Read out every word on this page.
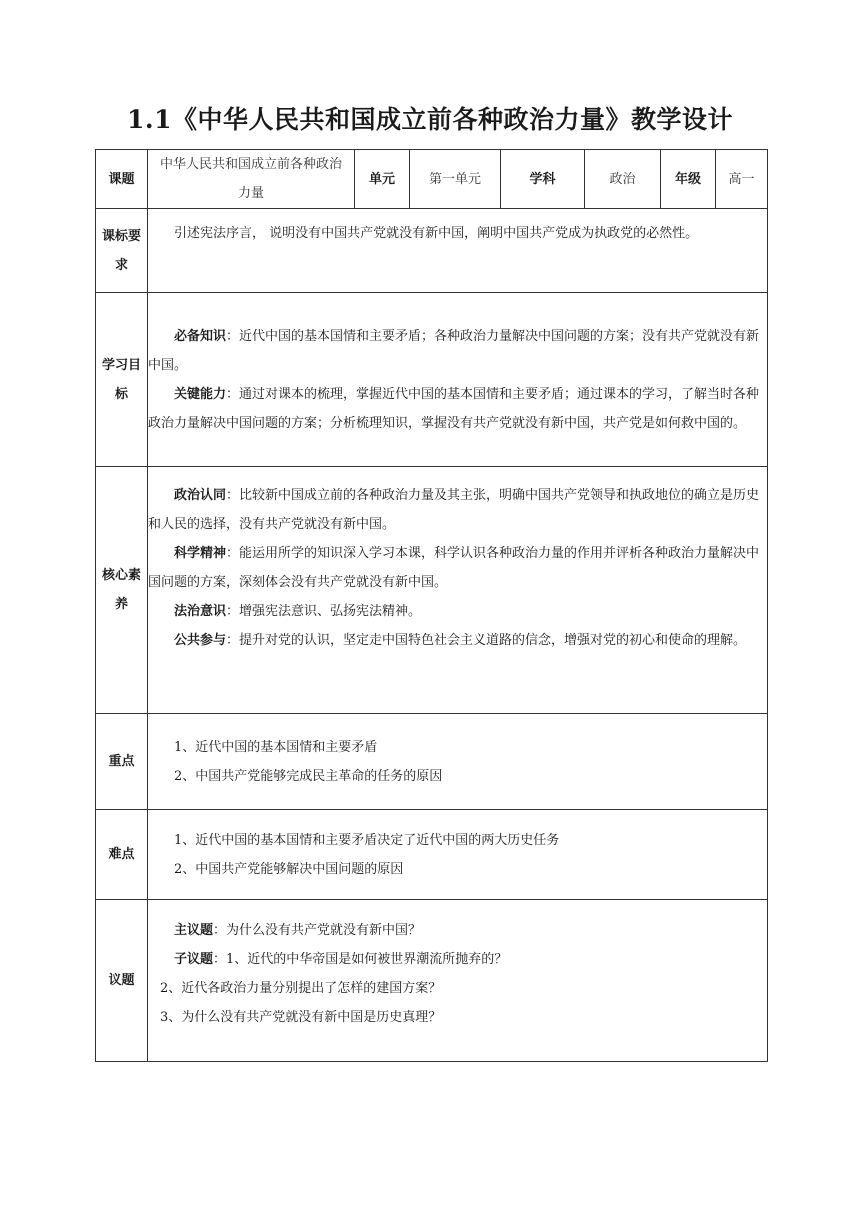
1.1《中华人民共和国成立前各种政治力量》教学设计
课题	中华人民共和国成立前各种政治力量	单元	第一单元	学科	政治	年级	高一
课标要求	引述宪法序言， 说明没有中国共产党就没有新中国，阐明中国共产党成为执政党的必然性。						

学习目标	必备知识：近代中国的基本国情和主要矛盾；各种政治力量解决中国问题的方案；没有共产党就没有新中国。

关键能力：通过对课本的梳理，掌握近代中国的基本国情和主要矛盾；通过课本的学习，了解当时各种政治力量解决中国问题的方案；分析梳理知识，掌握没有共产党就没有新中国，共产党是如何救中国的。						

核心素养	政治认同：比较新中国成立前的各种政治力量及其主张，明确中国共产党领导和执政地位的确立是历史和人民的选择，没有共产党就没有新中国。

科学精神：能运用所学的知识深入学习本课，科学认识各种政治力量的作用并评析各种政治力量解决中国问题的方案，深刻体会没有共产党就没有新中国。

法治意识：增强宪法意识、弘扬宪法精神。

公共参与：提升对党的认识，坚定走中国特色社会主义道路的信念，增强对党的初心和使命的理解。						

重点	1、近代中国的基本国情和主要矛盾

2、中国共产党能够完成民主革命的任务的原因						

难点	1、近代中国的基本国情和主要矛盾决定了近代中国的两大历史任务

2、中国共产党能够解决中国问题的原因						

议题	主议题：为什么没有共产党就没有新中国？

子议题：1、近代的中华帝国是如何被世界潮流所抛弃的？

2、近代各政治力量分别提出了怎样的建国方案？

3、为什么没有共产党就没有新中国是历史真理？						
